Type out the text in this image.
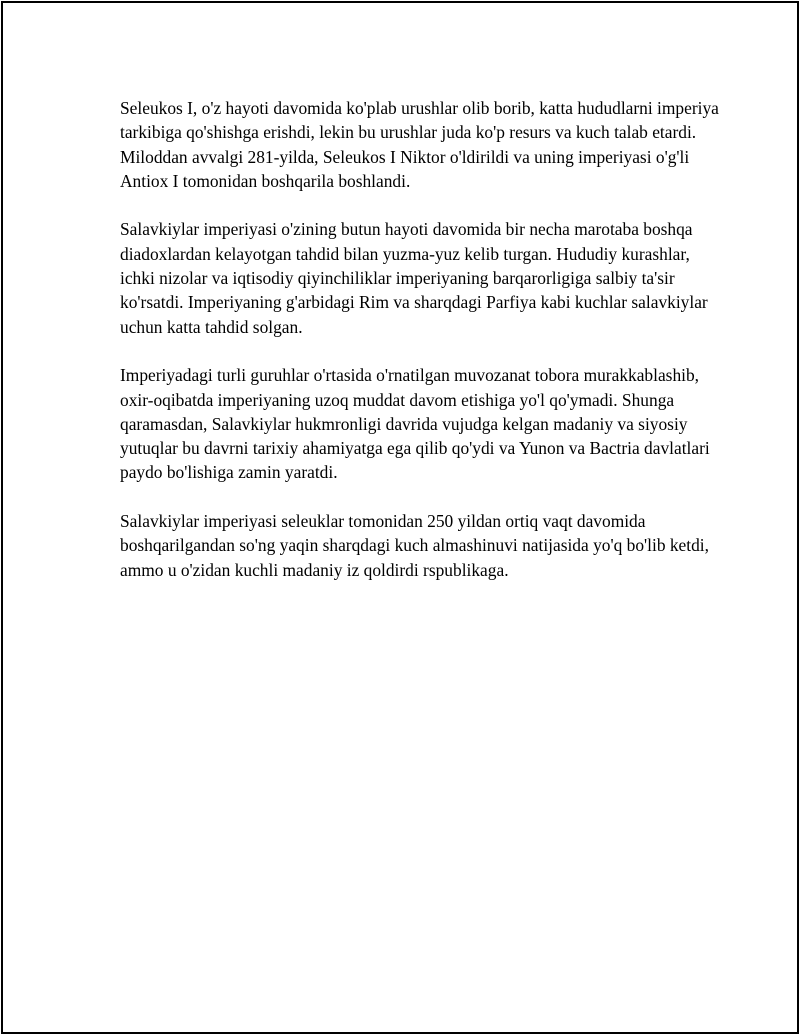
Seleukos I, o'z hayoti davomida ko'plab urushlar olib borib, katta hududlarni imperiya tarkibiga qo'shishga erishdi, lekin bu urushlar juda ko'p resurs va kuch talab etardi. Miloddan avvalgi 281-yilda, Seleukos I Niktor o'ldirildi va uning imperiyasi o'g'li Antiox I tomonidan boshqarila boshlandi.

Salavkiylar imperiyasi o'zining butun hayoti davomida bir necha marotaba boshqa diadoxlardan kelayotgan tahdid bilan yuzma-yuz kelib turgan. Hududiy kurashlar, ichki nizolar va iqtisodiy qiyinchiliklar imperiyaning barqarorligiga salbiy ta'sir ko'rsatdi. Imperiyaning g'arbidagi Rim va sharqdagi Parfiya kabi kuchlar salavkiylar uchun katta tahdid solgan.

Imperiyadagi turli guruhlar o'rtasida o'rnatilgan muvozanat tobora murakkablashib, oxir-oqibatda imperiyaning uzoq muddat davom etishiga yo'l qo'ymadi. Shunga qaramasdan, Salavkiylar hukmronligi davrida vujudga kelgan madaniy va siyosiy yutuqlar bu davrni tarixiy ahamiyatga ega qilib qo'ydi va Yunon va Bactria davlatlari paydo bo'lishiga zamin yaratdi.

Salavkiylar imperiyasi seleuklar tomonidan 250 yildan ortiq vaqt davomida boshqarilgandan so'ng yaqin sharqdagi kuch almashinuvi natijasida yo'q bo'lib ketdi, ammo u o'zidan kuchli madaniy iz qoldirdi rspublikaga.
